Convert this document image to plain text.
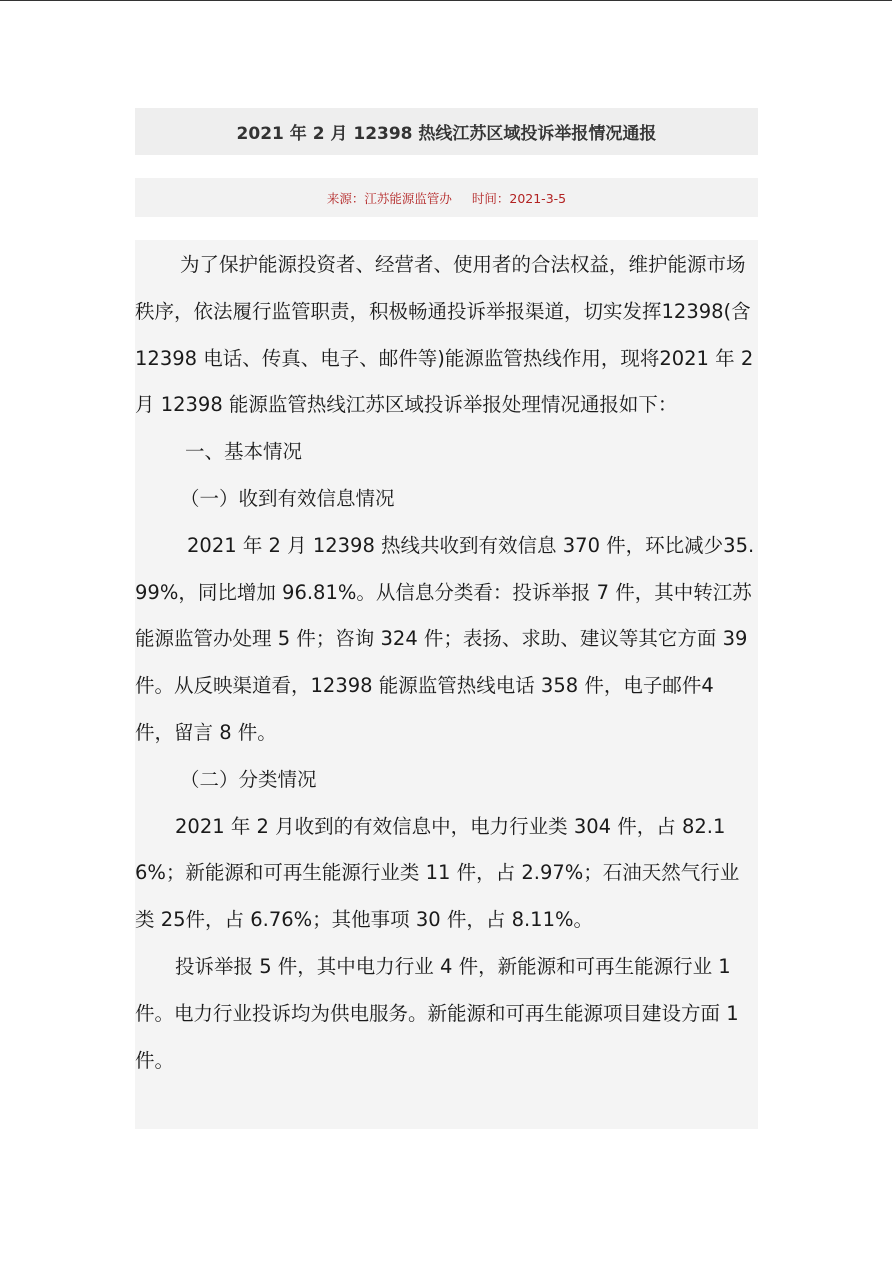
2021 年 2 月 12398 热线江苏区域投诉举报情况通报
来源：江苏能源监管办 时间：2021-3-5

为了保护能源投资者、经营者、使用者的合法权益，维护能源市场秩序，依法履行监管职责，积极畅通投诉举报渠道，切实发挥12398(含 12398 电话、传真、电子、邮件等)能源监管热线作用，现将2021 年 2 月 12398 能源监管热线江苏区域投诉举报处理情况通报如下：

一、基本情况

（一）收到有效信息情况

2021 年 2 月 12398 热线共收到有效信息 370 件，环比减少35.99%，同比增加 96.81%。从信息分类看：投诉举报 7 件，其中转江苏能源监管办处理 5 件；咨询 324 件；表扬、求助、建议等其它方面 39 件。从反映渠道看，12398 能源监管热线电话 358 件，电子邮件4 件，留言 8 件。

（二）分类情况

2021 年 2 月收到的有效信息中，电力行业类 304 件，占 82.16%；新能源和可再生能源行业类 11 件，占 2.97%；石油天然气行业类 25件，占 6.76%；其他事项 30 件，占 8.11%。

投诉举报 5 件，其中电力行业 4 件，新能源和可再生能源行业 1件。电力行业投诉均为供电服务。新能源和可再生能源项目建设方面 1件。
